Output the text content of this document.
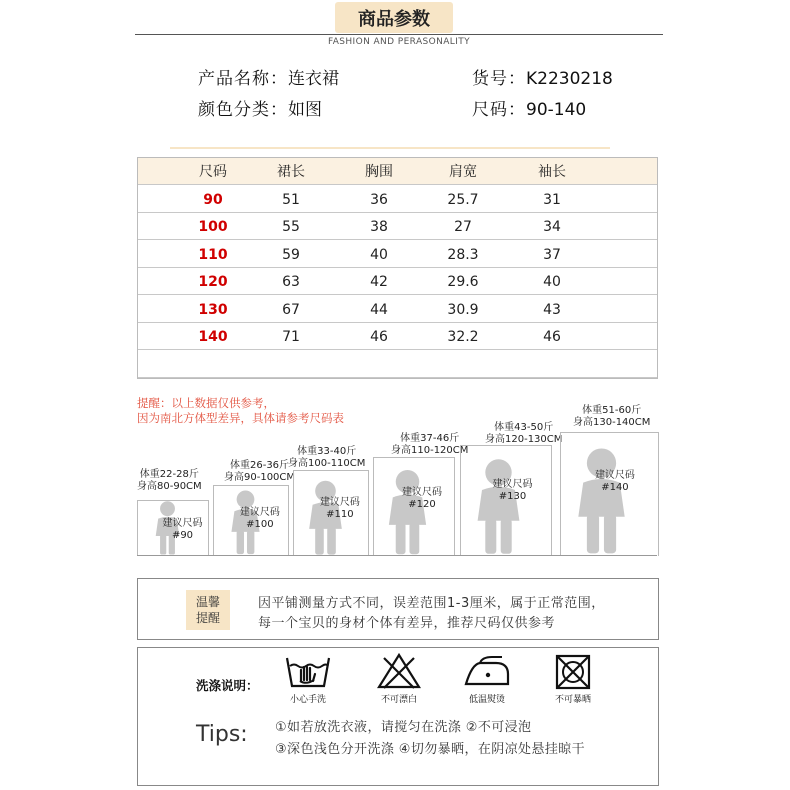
商品参数
FASHION AND PERASONALITY
产品名称：连衣裙
颜色分类：如图
货号：K2230218
尺码：90-140
尺码	裙长	胸围	肩宽	袖长
90	51	36	25.7	31
100	55	38	27	34
110	59	40	28.3	37
120	63	42	29.6	40
130	67	44	30.9	43
140	71	46	32.2	46
提醒：以上数据仅供参考，
因为南北方体型差异，具体请参考尺码表
建议尺码
#90
体重22-28斤
身高80-90CM
建议尺码
#100
体重26-36斤
身高90-100CM
建议尺码
#110
体重33-40斤
身高100-110CM
建议尺码
#120
体重37-46斤
身高110-120CM
建议尺码
#130
体重43-50斤
身高120-130CM
建议尺码
#140
体重51-60斤
身高130-140CM
温馨
提醒
因平铺测量方式不同，误差范围1-3厘米，属于正常范围，
每一个宝贝的身材个体有差异，推荐尺码仅供参考
洗涤说明：
小心手洗	不可漂白	低温熨烫	不可暴晒
Tips: ①如若放洗衣液，请搅匀在洗涤 ②不可浸泡
③深色浅色分开洗涤 ④切勿暴晒，在阴凉处悬挂晾干
